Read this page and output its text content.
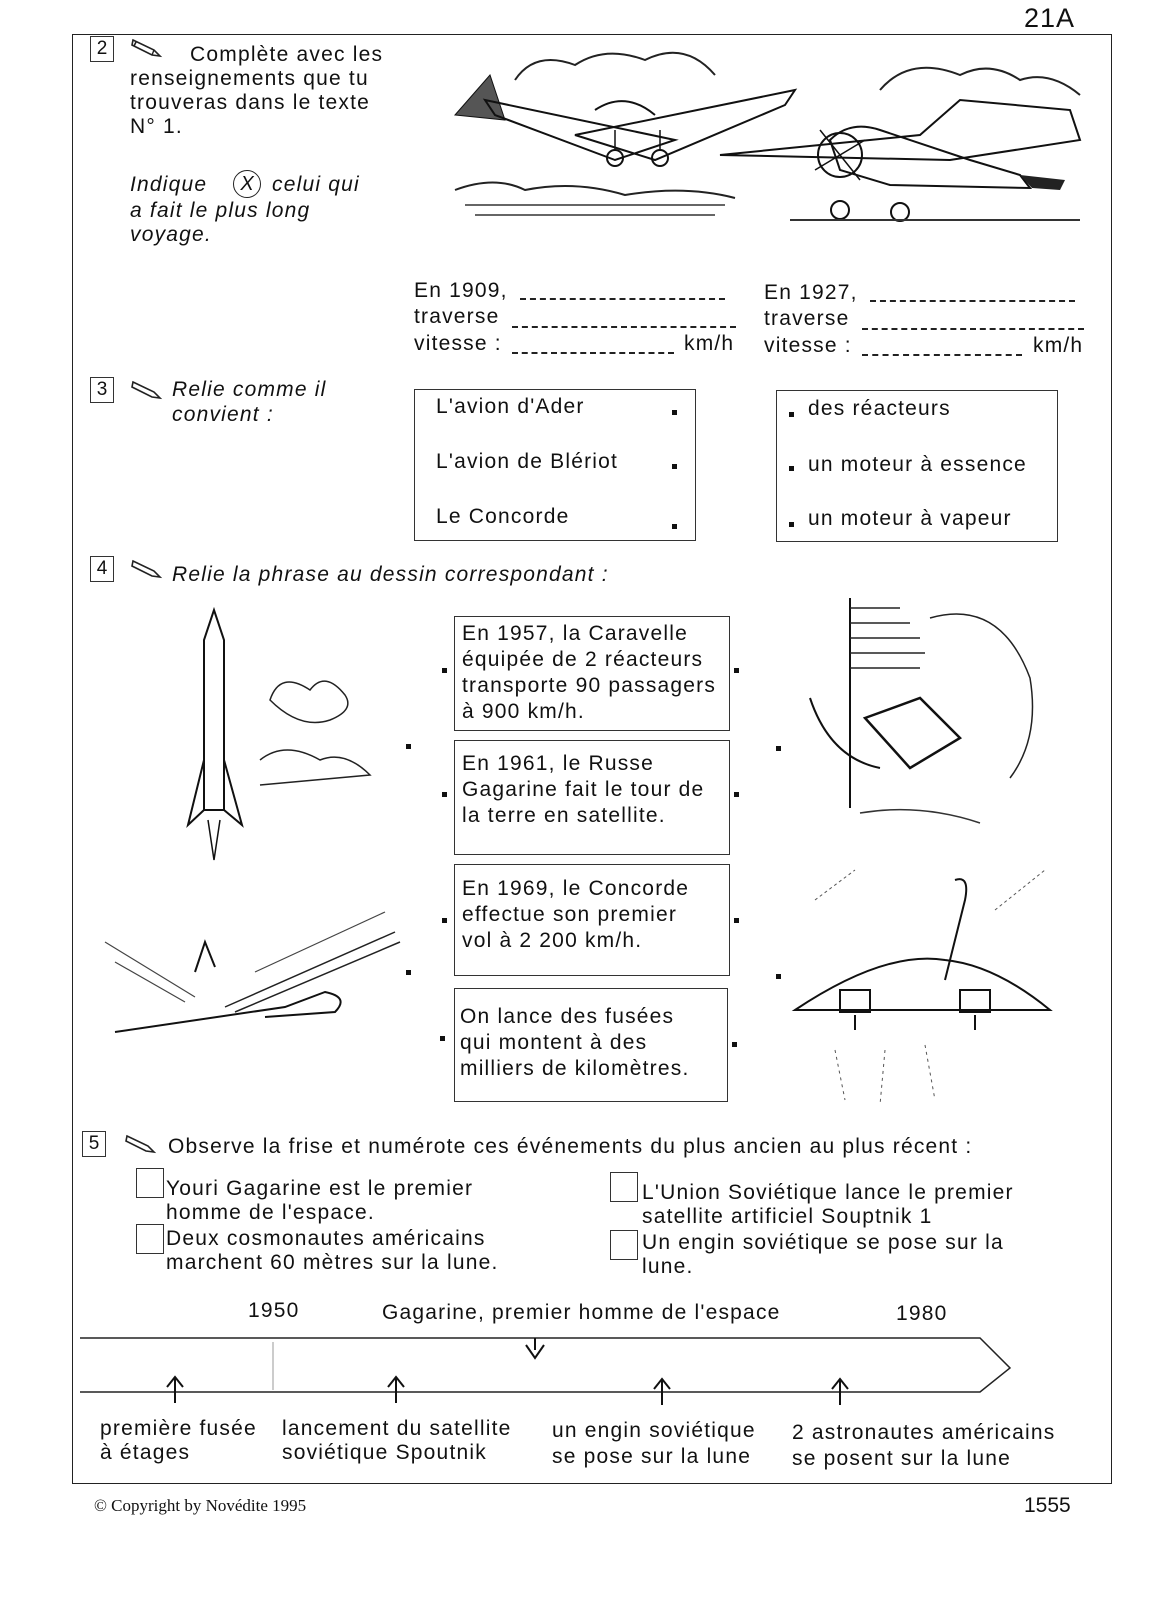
21A
2	Complète avec les
renseignements que tu
trouveras dans le texte
N° 1.
Indique	X celui qui
a fait le plus long
voyage.
En 1909,
traverse
vitesse :	km/h
En 1927,
traverse
vitesse :	km/h
3	Relie comme il
convient :	L'avion d'Ader
L'avion de Blériot
Le Concorde
des réacteurs
un moteur à essence
un moteur à vapeur
4	Relie la phrase au dessin correspondant :
En 1957, la Caravelle
équipée de 2 réacteurs
transporte 90 passagers
à 900 km/h.
En 1961, le Russe
Gagarine fait le tour de
la terre en satellite.
En 1969, le Concorde
effectue son premier
vol à 2 200 km/h.
On lance des fusées
qui montent à des
milliers de kilomètres.
5	Observe la frise et numérote ces événements du plus ancien au plus récent :
Youri Gagarine est le premier
homme de l'espace.
Deux cosmonautes américains
marchent 60 mètres sur la lune.
L'Union Soviétique lance le premier
satellite artificiel Souptnik 1
Un engin soviétique se pose sur la
lune.
1950	Gagarine, premier homme de l'espace	1980
première fusée
à étages
lancement du satellite
soviétique Spoutnik
un engin soviétique
se pose sur la lune
2 astronautes américains
se posent sur la lune
© Copyright by Novédite 1995	1555
